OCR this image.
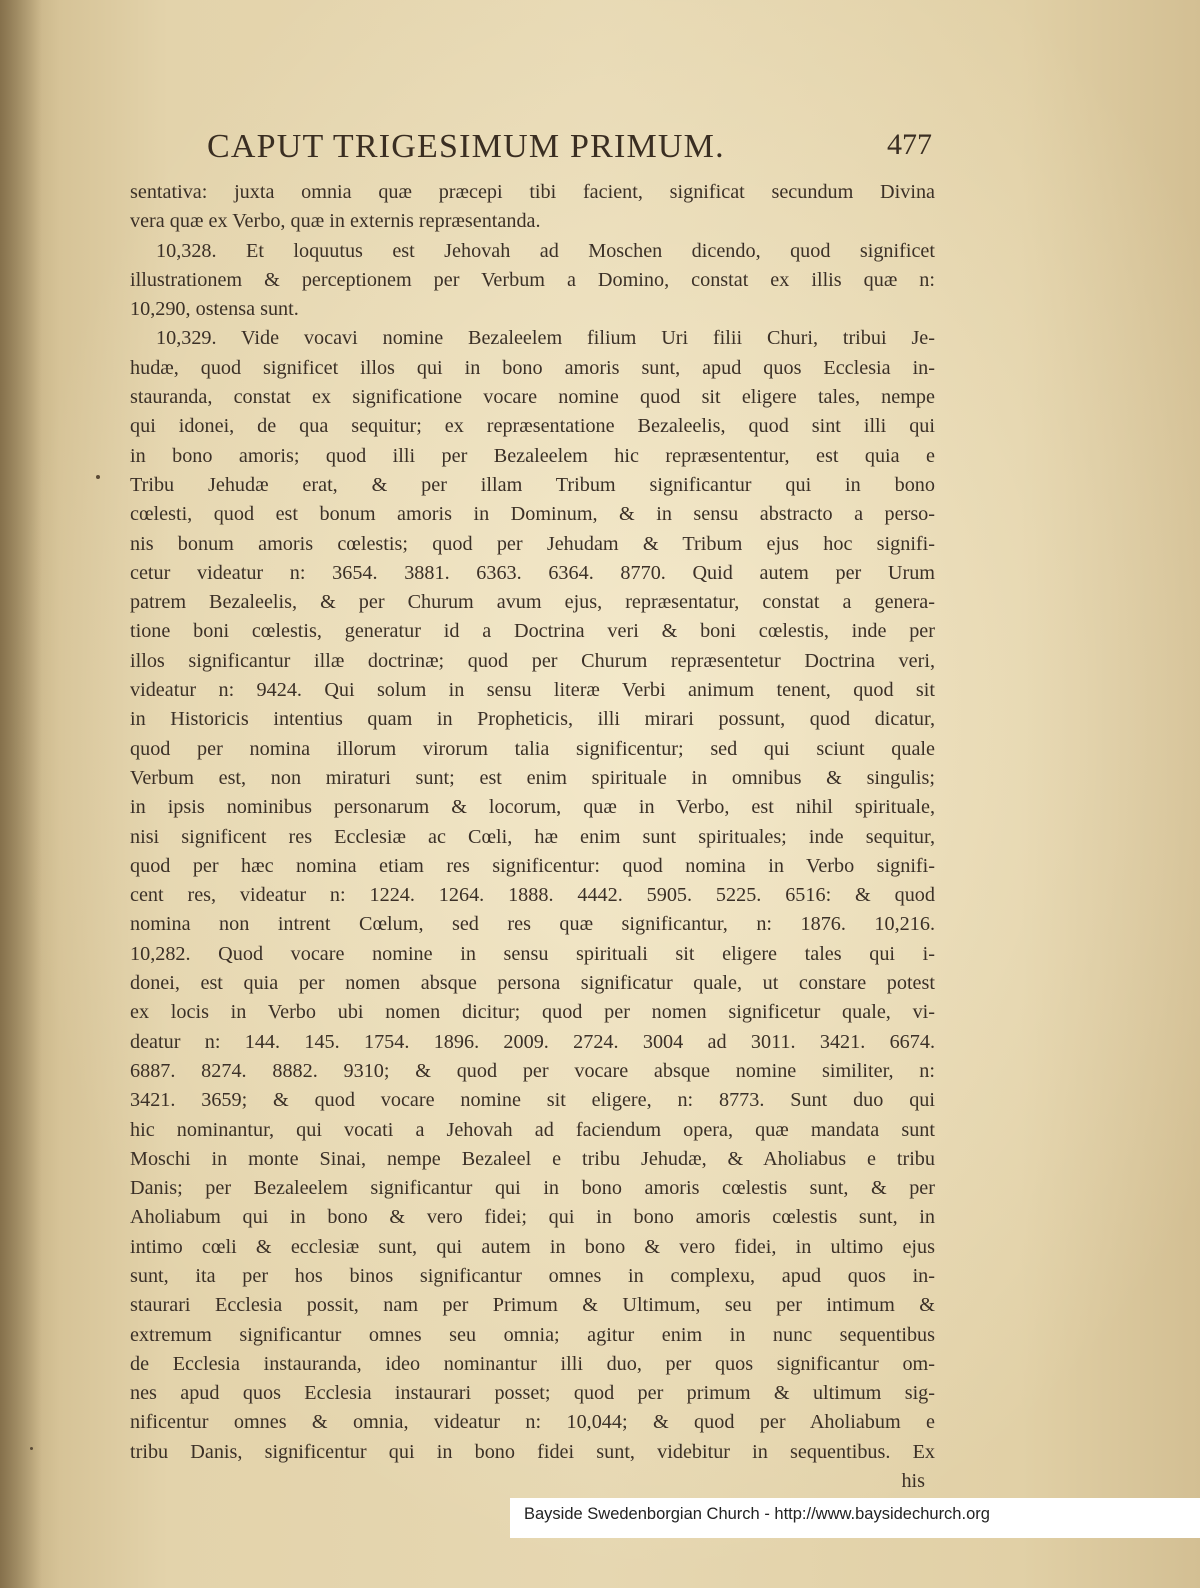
CAPUT TRIGESIMUM PRIMUM.	477
sentativa: juxta omnia quæ præcepi tibi facient, significat secundum Divina
vera quæ ex Verbo, quæ in externis repræsentanda.
10,328. Et loquutus est Jehovah ad Moschen dicendo, quod significet
illustrationem & perceptionem per Verbum a Domino, constat ex illis quæ n:
10,290, ostensa sunt.
10,329. Vide vocavi nomine Bezaleelem filium Uri filii Churi, tribui Je-
hudæ, quod significet illos qui in bono amoris sunt, apud quos Ecclesia in-
staurandа, constat ex significatione vocare nomine quod sit eligere tales, nempe
qui idonei, de qua sequitur; ex repræsentatione Bezaleelis, quod sint illi qui
in bono amoris; quod illi per Bezaleelem hic repræsententur, est quia e
Tribu Jehudæ erat, & per illam Tribum significantur qui in bono
cœlesti, quod est bonum amoris in Dominum, & in sensu abstracto a perso-
nis bonum amoris cœlestis; quod per Jehudam & Tribum ejus hoc signifi-
cetur videatur n: 3654. 3881. 6363. 6364. 8770. Quid autem per Urum
patrem Bezaleelis, & per Churum avum ejus, repræsentatur, constat a genera-
tione boni cœlestis, generatur id a Doctrina veri & boni cœlestis, inde per
illos significantur illæ doctrinæ; quod per Churum repræsentetur Doctrina veri,
videatur n: 9424. Qui solum in sensu literæ Verbi animum tenent, quod sit
in Historicis intentius quam in Propheticis, illi mirari possunt, quod dicatur,
quod per nomina illorum virorum talia significentur; sed qui sciunt quale
Verbum est, non miraturi sunt; est enim spirituale in omnibus & singulis;
in ipsis nominibus personarum & locorum, quæ in Verbo, est nihil spirituale,
nisi significent res Ecclesiæ ac Cœli, hæ enim sunt spirituales; inde sequitur,
quod per hæc nomina etiam res significentur: quod nomina in Verbo signifi-
cent res, videatur n: 1224. 1264. 1888. 4442. 5905. 5225. 6516: & quod
nomina non intrent Cœlum, sed res quæ significantur, n: 1876. 10,216.
10,282. Quod vocare nomine in sensu spirituali sit eligere tales qui i-
donei, est quia per nomen absque persona significatur quale, ut constare potest
ex locis in Verbo ubi nomen dicitur; quod per nomen significetur quale, vi-
deatur n: 144. 145. 1754. 1896. 2009. 2724. 3004 ad 3011. 3421. 6674.
6887. 8274. 8882. 9310; & quod per vocare absque nomine similiter, n:
3421. 3659; & quod vocare nomine sit eligere, n: 8773. Sunt duo qui
hic nominantur, qui vocati a Jehovah ad faciendum opera, quæ mandata sunt
Moschi in monte Sinai, nempe Bezaleel e tribu Jehudæ, & Aholiabus e tribu
Danis; per Bezaleelem significantur qui in bono amoris cœlestis sunt, & per
Aholiabum qui in bono & vero fidei; qui in bono amoris cœlestis sunt, in
intimo cœli & ecclesiæ sunt, qui autem in bono & vero fidei, in ultimo ejus
sunt, ita per hos binos significantur omnes in complexu, apud quos in-
staurari Ecclesia possit, nam per Primum & Ultimum, seu per intimum &
extremum significantur omnes seu omnia; agitur enim in nunc sequentibus
de Ecclesia instauranda, ideo nominantur illi duo, per quos significantur om-
nes apud quos Ecclesia instaurari posset; quod per primum & ultimum sig-
nificentur omnes & omnia, videatur n: 10,044; & quod per Aholiabum e
tribu Danis, significentur qui in bono fidei sunt, videbitur in sequentibus. Ex
his
Bayside Swedenborgian Church - http://www.baysidechurch.org
